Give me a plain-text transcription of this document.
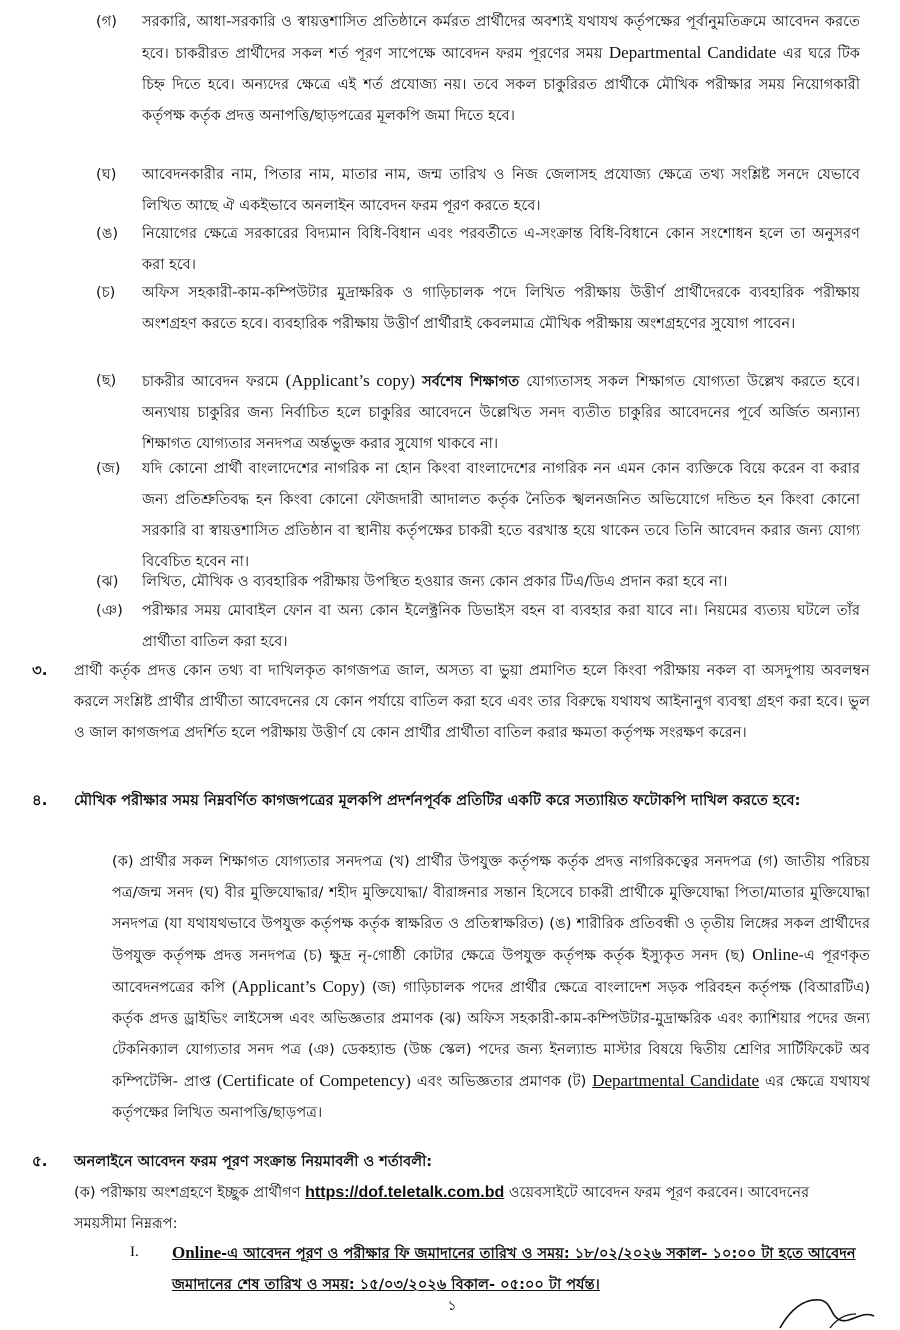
(গ)	সরকারি, আধা-সরকারি ও স্বায়ত্তশাসিত প্রতিষ্ঠানে কর্মরত প্রার্থীদের অবশ্যই যথাযথ কর্তৃপক্ষের পূর্বানুমতিক্রমে আবেদন করতে হবে। চাকরীরত প্রার্থীদের সকল শর্ত পূরণ সাপেক্ষে আবেদন ফরম পূরণের সময় Departmental Candidate এর ঘরে টিক চিহ্ন দিতে হবে। অন্যদের ক্ষেত্রে এই শর্ত প্রযোজ্য নয়। তবে সকল চাকুরিরত প্রার্থীকে মৌখিক পরীক্ষার সময় নিয়োগকারী কর্তৃপক্ষ কর্তৃক প্রদত্ত অনাপত্তি/ছাড়পত্রের মূলকপি জমা দিতে হবে।
(ঘ)	আবেদনকারীর নাম, পিতার নাম, মাতার নাম, জন্ম তারিখ ও নিজ জেলাসহ প্রযোজ্য ক্ষেত্রে তথ্য সংশ্লিষ্ট সনদে যেভাবে লিখিত আছে ঐ একইভাবে অনলাইন আবেদন ফরম পূরণ করতে হবে।
(ঙ)	নিয়োগের ক্ষেত্রে সরকারের বিদ্যমান বিধি-বিধান এবং পরবর্তীতে এ-সংক্রান্ত বিধি-বিধানে কোন সংশোধন হলে তা অনুসরণ করা হবে।
(চ)	অফিস সহকারী-কাম-কম্পিউটার মুদ্রাক্ষরিক ও গাড়িচালক পদে লিখিত পরীক্ষায় উত্তীর্ণ প্রার্থীদেরকে ব্যবহারিক পরীক্ষায় অংশগ্রহণ করতে হবে। ব্যবহারিক পরীক্ষায় উত্তীর্ণ প্রার্থীরাই কেবলমাত্র মৌখিক পরীক্ষায় অংশগ্রহণের সুযোগ পাবেন।
(ছ)	চাকরীর আবেদন ফরমে (Applicant’s copy) সর্বশেষ শিক্ষাগত যোগ্যতাসহ সকল শিক্ষাগত যোগ্যতা উল্লেখ করতে হবে। অন্যথায় চাকুরির জন্য নির্বাচিত হলে চাকুরির আবেদনে উল্লেখিত সনদ ব্যতীত চাকুরির আবেদনের পূর্বে অর্জিত অন্যান্য শিক্ষাগত যোগ্যতার সনদপত্র অর্ন্তভুক্ত করার সুযোগ থাকবে না।
(জ)	যদি কোনো প্রার্থী বাংলাদেশের নাগরিক না হোন কিংবা বাংলাদেশের নাগরিক নন এমন কোন ব্যক্তিকে বিয়ে করেন বা করার জন্য প্রতিশ্রুতিবদ্ধ হন কিংবা কোনো ফৌজদারী আদালত কর্তৃক নৈতিক স্খলনজনিত অভিযোগে দন্ডিত হন কিংবা কোনো সরকারি বা স্বায়ত্তশাসিত প্রতিষ্ঠান বা স্থানীয় কর্তৃপক্ষের চাকরী হতে বরখাস্ত হয়ে থাকেন তবে তিনি আবেদন করার জন্য যোগ্য বিবেচিত হবেন না।
(ঝ)	লিখিত, মৌখিক ও ব্যবহারিক পরীক্ষায় উপস্থিত হওয়ার জন্য কোন প্রকার টিএ/ডিএ প্রদান করা হবে না।
(ঞ)	পরীক্ষার সময় মোবাইল ফোন বা অন্য কোন ইলেক্ট্রনিক ডিভাইস বহন বা ব্যবহার করা যাবে না। নিয়মের ব্যত্যয় ঘটলে তাঁর প্রার্থীতা বাতিল করা হবে।
৩.	প্রার্থী কর্তৃক প্রদত্ত কোন তথ্য বা দাখিলকৃত কাগজপত্র জাল, অসত্য বা ভুয়া প্রমাণিত হলে কিংবা পরীক্ষায় নকল বা অসদুপায় অবলম্বন করলে সংশ্লিষ্ট প্রার্থীর প্রার্থীতা আবেদনের যে কোন পর্যায়ে বাতিল করা হবে এবং তার বিরুদ্ধে যথাযথ আইনানুগ ব্যবস্থা গ্রহণ করা হবে। ভুল ও জাল কাগজপত্র প্রদর্শিত হলে পরীক্ষায় উত্তীর্ণ যে কোন প্রার্থীর প্রার্থীতা বাতিল করার ক্ষমতা কর্তৃপক্ষ সংরক্ষণ করেন।
৪.	মৌখিক পরীক্ষার সময় নিম্নবর্ণিত কাগজপত্রের মূলকপি প্রদর্শনপূর্বক প্রতিটির একটি করে সত্যায়িত ফটোকপি দাখিল করতে হবে:
(ক) প্রার্থীর সকল শিক্ষাগত যোগ্যতার সনদপত্র (খ) প্রার্থীর উপযুক্ত কর্তৃপক্ষ কর্তৃক প্রদত্ত নাগরিকত্বের সনদপত্র (গ) জাতীয় পরিচয় পত্র/জন্ম সনদ (ঘ) বীর মুক্তিযোদ্ধার/ শহীদ মুক্তিযোদ্ধা/ বীরাঙ্গনার সন্তান হিসেবে চাকরী প্রার্থীকে মুক্তিযোদ্ধা পিতা/মাতার মুক্তিযোদ্ধা সনদপত্র (যা যথাযথভাবে উপযুক্ত কর্তৃপক্ষ কর্তৃক স্বাক্ষরিত ও প্রতিস্বাক্ষরিত) (ঙ) শারীরিক প্রতিবন্ধী ও তৃতীয় লিঙ্গের সকল প্রার্থীদের উপযুক্ত কর্তৃপক্ষ প্রদত্ত সনদপত্র (চ) ক্ষুদ্র নৃ-গোষ্ঠী কোটার ক্ষেত্রে উপযুক্ত কর্তৃপক্ষ কর্তৃক ইস্যুকৃত সনদ (ছ) Online-এ পূরণকৃত আবেদনপত্রের কপি (Applicant’s Copy) (জ) গাড়িচালক পদের প্রার্থীর ক্ষেত্রে বাংলাদেশ সড়ক পরিবহন কর্তৃপক্ষ (বিআরটিএ) কর্তৃক প্রদত্ত ড্রাইভিং লাইসেন্স এবং অভিজ্ঞতার প্রমাণক (ঝ) অফিস সহকারী-কাম-কম্পিউটার-মুদ্রাক্ষরিক এবং ক্যাশিয়ার পদের জন্য টেকনিক্যাল যোগ্যতার সনদ পত্র (ঞ) ডেকহ্যান্ড (উচ্চ স্কেল) পদের জন্য ইনল্যান্ড মাস্টার বিষয়ে দ্বিতীয় শ্রেণির সার্টিফিকেট অব কম্পিটেন্সি- প্রাপ্ত (Certificate of Competency) এবং অভিজ্ঞতার প্রমাণক (ট) Departmental Candidate এর ক্ষেত্রে যথাযথ কর্তৃপক্ষের লিখিত অনাপত্তি/ছাড়পত্র।
৫.	অনলাইনে আবেদন ফরম পূরণ সংক্রান্ত নিয়মাবলী ও শর্তাবলী:
(ক) পরীক্ষায় অংশগ্রহণে ইচ্ছুক প্রার্থীগণ https://dof.teletalk.com.bd ওয়েবসাইটে আবেদন ফরম পূরণ করবেন। আবেদনের সময়সীমা নিম্নরূপ:
I.	Online-এ আবেদন পূরণ ও পরীক্ষার ফি জমাদানের তারিখ ও সময়: ১৮/০২/২০২৬ সকাল- ১০:০০ টা হতে আবেদন জমাদানের শেষ তারিখ ও সময়: ১৫/০৩/২০২৬ বিকাল- ০৫:০০ টা পর্যন্ত।
১
